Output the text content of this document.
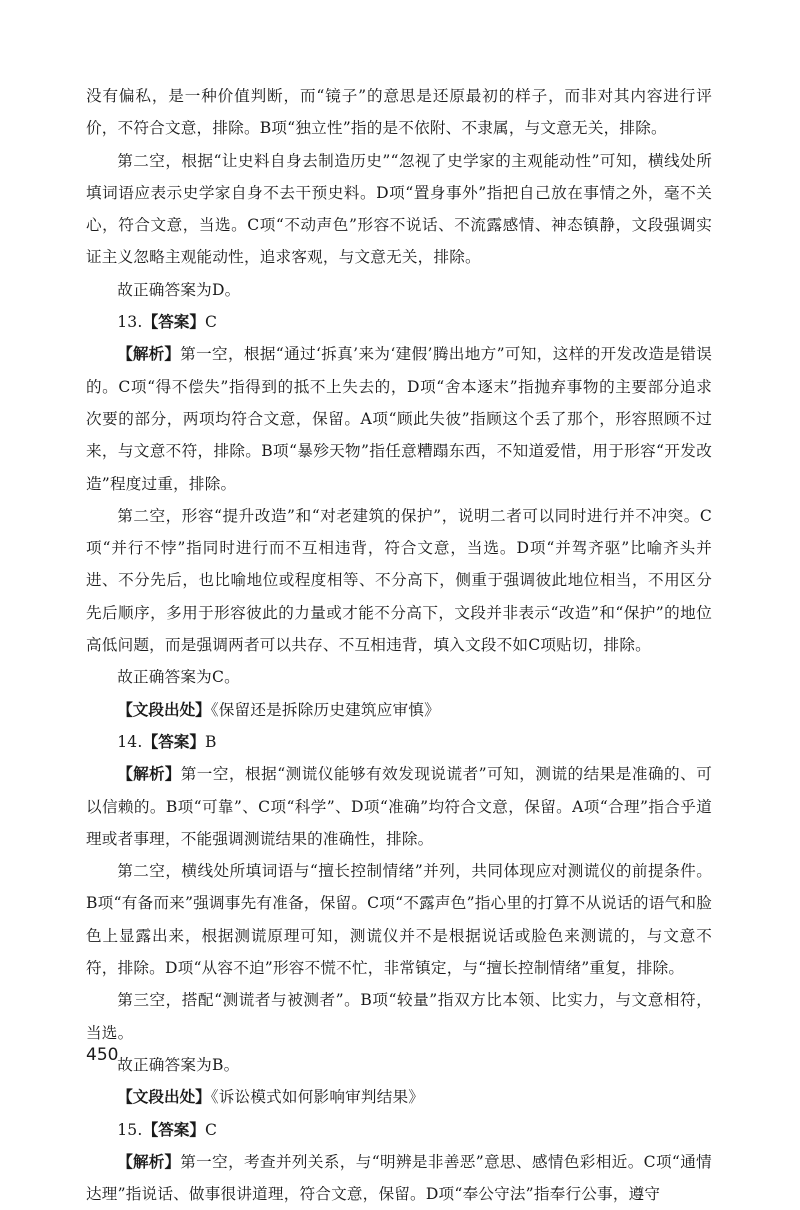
没有偏私，是一种价值判断，而“镜子”的意思是还原最初的样子，而非对其内容进行评价，不符合文意，排除。B项“独立性”指的是不依附、不隶属，与文意无关，排除。

第二空，根据“让史料自身去制造历史”“忽视了史学家的主观能动性”可知，横线处所填词语应表示史学家自身不去干预史料。D项“置身事外”指把自己放在事情之外，毫不关心，符合文意，当选。C项“不动声色”形容不说话、不流露感情、神态镇静，文段强调实证主义忽略主观能动性，追求客观，与文意无关，排除。

故正确答案为D。

13.【答案】C

【解析】第一空，根据“通过‘拆真’来为‘建假’腾出地方”可知，这样的开发改造是错误的。C项“得不偿失”指得到的抵不上失去的，D项“舍本逐末”指抛弃事物的主要部分追求次要的部分，两项均符合文意，保留。A项“顾此失彼”指顾这个丢了那个，形容照顾不过来，与文意不符，排除。B项“暴殄天物”指任意糟蹋东西，不知道爱惜，用于形容“开发改造”程度过重，排除。

第二空，形容“提升改造”和“对老建筑的保护”，说明二者可以同时进行并不冲突。C项“并行不悖”指同时进行而不互相违背，符合文意，当选。D项“并驾齐驱”比喻齐头并进、不分先后，也比喻地位或程度相等、不分高下，侧重于强调彼此地位相当，不用区分先后顺序，多用于形容彼此的力量或才能不分高下，文段并非表示“改造”和“保护”的地位高低问题，而是强调两者可以共存、不互相违背，填入文段不如C项贴切，排除。

故正确答案为C。

【文段出处】《保留还是拆除历史建筑应审慎》

14.【答案】B

【解析】第一空，根据“测谎仪能够有效发现说谎者”可知，测谎的结果是准确的、可以信赖的。B项“可靠”、C项“科学”、D项“准确”均符合文意，保留。A项“合理”指合乎道理或者事理，不能强调测谎结果的准确性，排除。

第二空，横线处所填词语与“擅长控制情绪”并列，共同体现应对测谎仪的前提条件。B项“有备而来”强调事先有准备，保留。C项“不露声色”指心里的打算不从说话的语气和脸色上显露出来，根据测谎原理可知，测谎仪并不是根据说话或脸色来测谎的，与文意不符，排除。D项“从容不迫”形容不慌不忙，非常镇定，与“擅长控制情绪”重复，排除。

第三空，搭配“测谎者与被测者”。B项“较量”指双方比本领、比实力，与文意相符，当选。

故正确答案为B。

【文段出处】《诉讼模式如何影响审判结果》

15.【答案】C

【解析】第一空，考查并列关系，与“明辨是非善恶”意思、感情色彩相近。C项“通情达理”指说话、做事很讲道理，符合文意，保留。D项“奉公守法”指奉行公事，遵守

450
